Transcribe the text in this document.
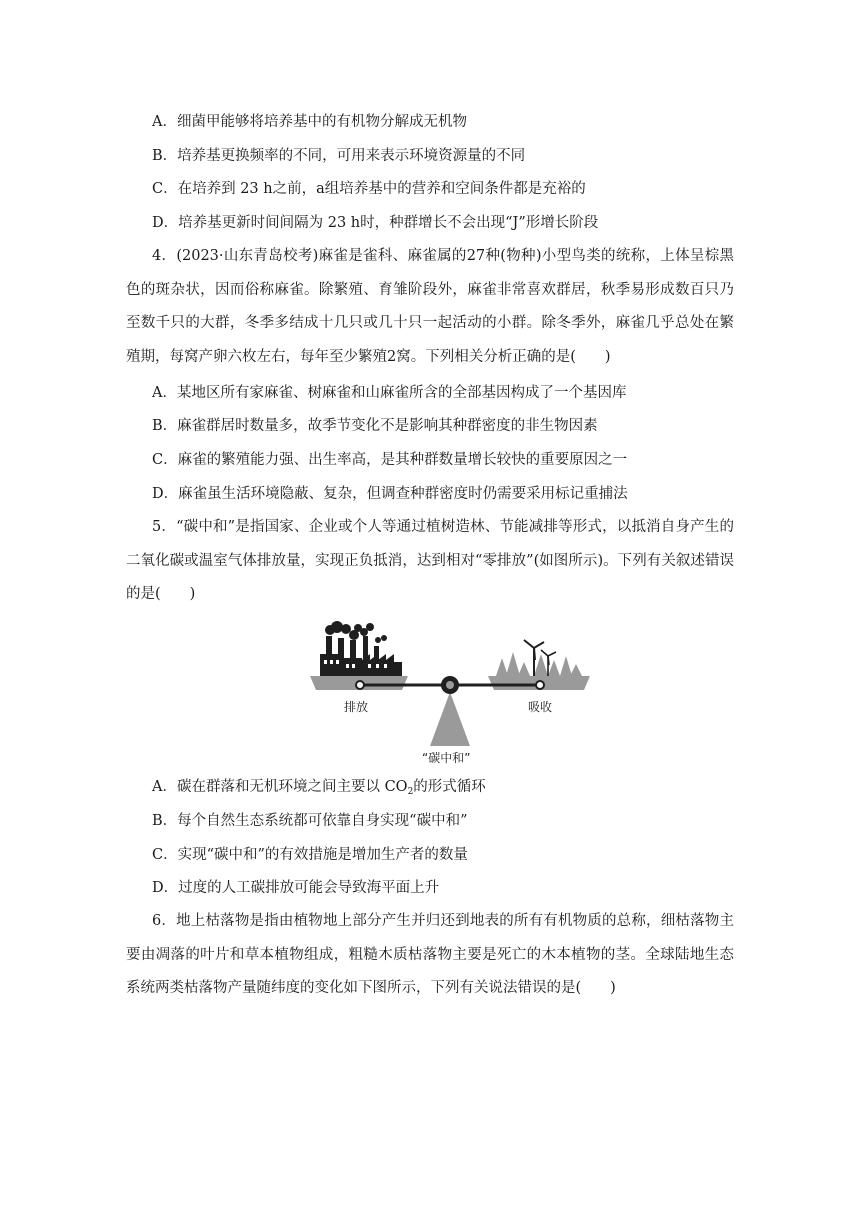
A．细菌甲能够将培养基中的有机物分解成无机物
B．培养基更换频率的不同，可用来表示环境资源量的不同
C．在培养到 23 h之前，a组培养基中的营养和空间条件都是充裕的
D．培养基更新时间间隔为 23 h时，种群增长不会出现“J”形增长阶段
4．(2023·山东青岛校考)麻雀是雀科、麻雀属的27种(物种)小型鸟类的统称，上体呈棕黑色的斑杂状，因而俗称麻雀。除繁殖、育雏阶段外，麻雀非常喜欢群居，秋季易形成数百只乃至数千只的大群，冬季多结成十几只或几十只一起活动的小群。除冬季外，麻雀几乎总处在繁殖期，每窝产卵六枚左右，每年至少繁殖2窝。下列相关分析正确的是(　　)
A．某地区所有家麻雀、树麻雀和山麻雀所含的全部基因构成了一个基因库
B．麻雀群居时数量多，故季节变化不是影响其种群密度的非生物因素
C．麻雀的繁殖能力强、出生率高，是其种群数量增长较快的重要原因之一
D．麻雀虽生活环境隐蔽、复杂，但调查种群密度时仍需要采用标记重捕法
5．“碳中和”是指国家、企业或个人等通过植树造林、节能减排等形式，以抵消自身产生的二氧化碳或温室气体排放量，实现正负抵消，达到相对“零排放”(如图所示)。下列有关叙述错误的是(　　)
排放	吸收
“碳中和”
A．碳在群落和无机环境之间主要以 $CO_2$的形式循环
B．每个自然生态系统都可依靠自身实现“碳中和”
C．实现“碳中和”的有效措施是增加生产者的数量
D．过度的人工碳排放可能会导致海平面上升
6．地上枯落物是指由植物地上部分产生并归还到地表的所有有机物质的总称，细枯落物主要由凋落的叶片和草本植物组成，粗糙木质枯落物主要是死亡的木本植物的茎。全球陆地生态系统两类枯落物产量随纬度的变化如下图所示，下列有关说法错误的是(　　)
